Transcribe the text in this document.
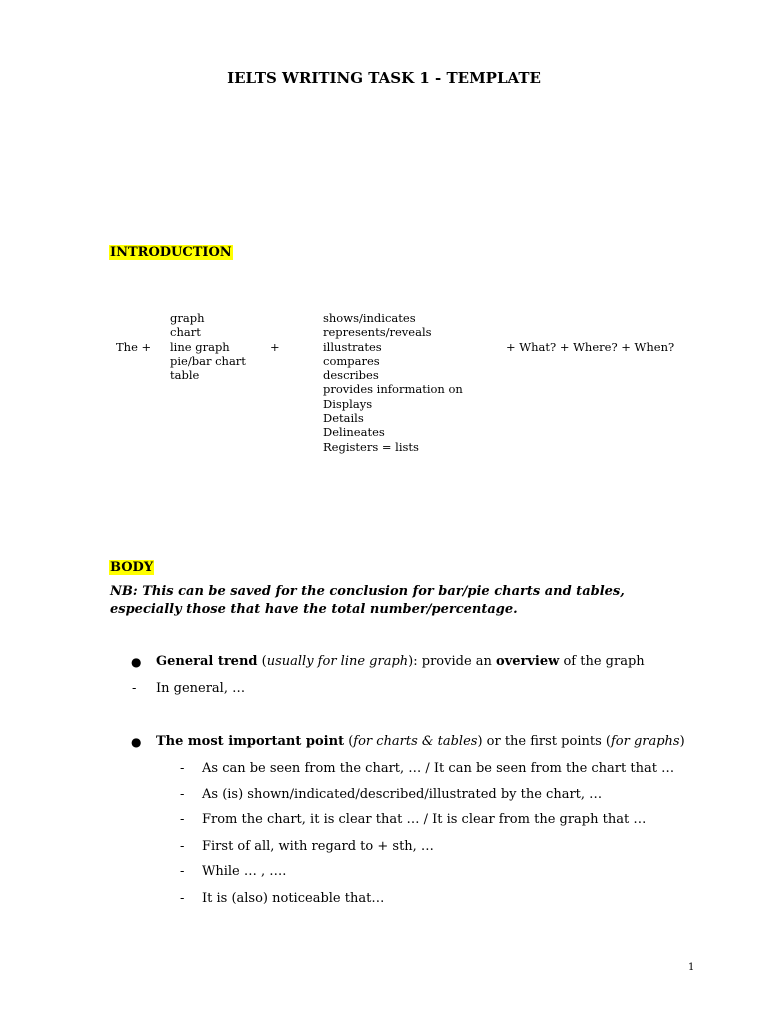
IELTS WRITING TASK 1 - TEMPLATE
INTRODUCTION
The +
graph
chart
line graph
pie/bar chart
table
+
shows/indicates
represents/reveals
illustrates
compares
describes
provides information on
Displays
Details
Delineates
Registers = lists
+ What? + Where? + When?
BODY
NB: This can be saved for the conclusion for bar/pie charts and tables, especially those that have the total number/percentage.
● General trend (usually for line graph): provide an overview of the graph
- In general, …
● The most important point (for charts & tables) or the first points (for graphs)
- As can be seen from the chart, … / It can be seen from the chart that …
- As (is) shown/indicated/described/illustrated by the chart, …
- From the chart, it is clear that … / It is clear from the graph that …
- First of all, with regard to + sth, …
- While … , ….
- It is (also) noticeable that…
1
